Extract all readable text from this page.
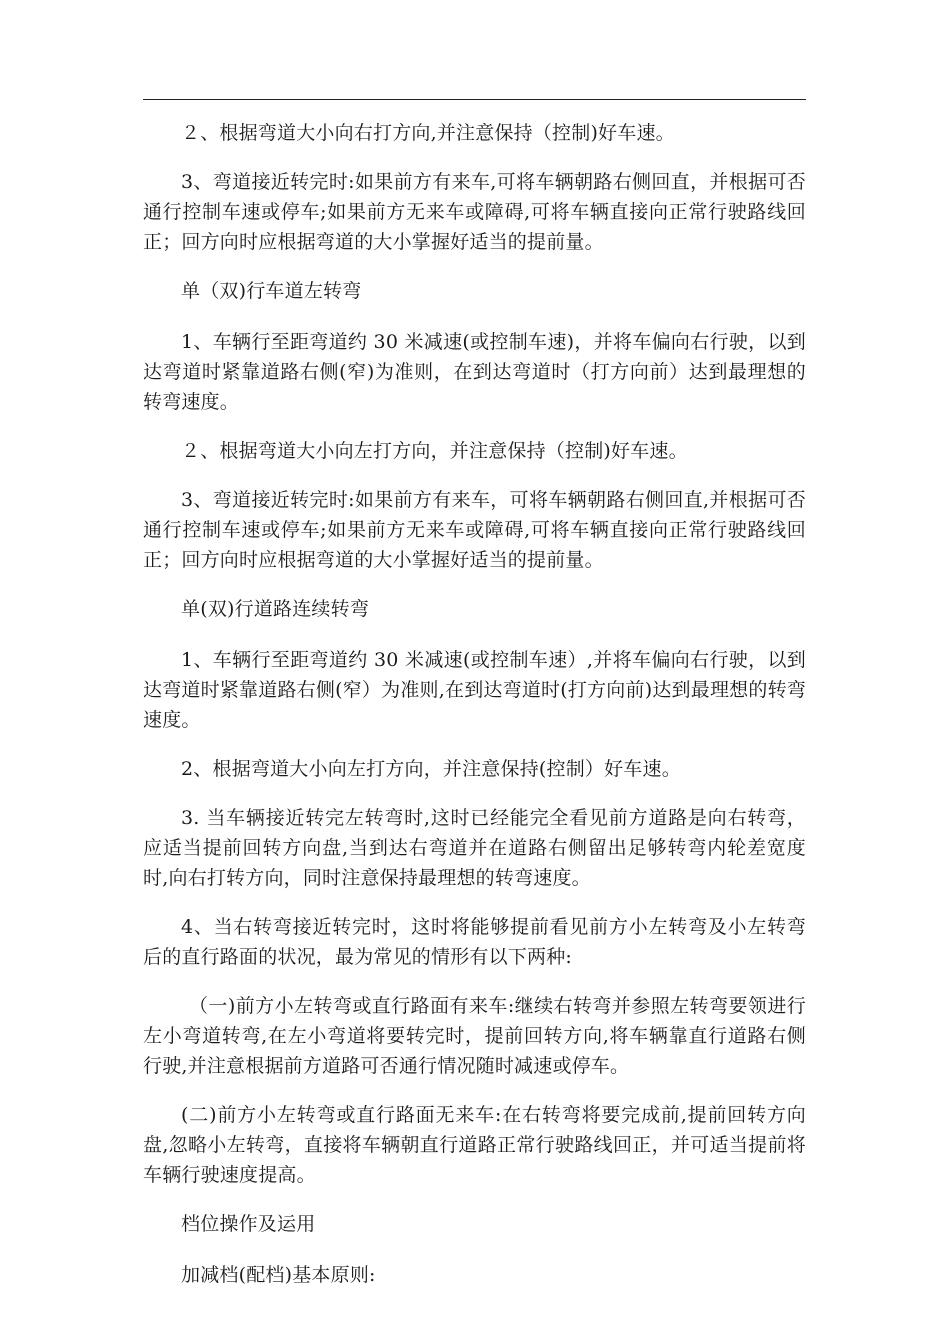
２、根据弯道大小向右打方向,并注意保持（控制)好车速。

3、弯道接近转完时:如果前方有来车,可将车辆朝路右侧回直，并根据可否通行控制车速或停车;如果前方无来车或障碍,可将车辆直接向正常行驶路线回正；回方向时应根据弯道的大小掌握好适当的提前量。

单（双)行车道左转弯

1、车辆行至距弯道约 30 米减速(或控制车速)，并将车偏向右行驶，以到达弯道时紧靠道路右侧(窄)为准则，在到达弯道时（打方向前）达到最理想的转弯速度。

２、根据弯道大小向左打方向，并注意保持（控制)好车速。

3、弯道接近转完时:如果前方有来车，可将车辆朝路右侧回直,并根据可否通行控制车速或停车;如果前方无来车或障碍,可将车辆直接向正常行驶路线回正；回方向时应根据弯道的大小掌握好适当的提前量。

单(双)行道路连续转弯

1、车辆行至距弯道约 30 米减速(或控制车速）,并将车偏向右行驶，以到达弯道时紧靠道路右侧(窄）为准则,在到达弯道时(打方向前)达到最理想的转弯速度。

2、根据弯道大小向左打方向，并注意保持(控制）好车速。

3. 当车辆接近转完左转弯时,这时已经能完全看见前方道路是向右转弯，应适当提前回转方向盘,当到达右弯道并在道路右侧留出足够转弯内轮差宽度时,向右打转方向，同时注意保持最理想的转弯速度。

4、当右转弯接近转完时，这时将能够提前看见前方小左转弯及小左转弯后的直行路面的状况，最为常见的情形有以下两种:

（一)前方小左转弯或直行路面有来车:继续右转弯并参照左转弯要领进行左小弯道转弯,在左小弯道将要转完时，提前回转方向,将车辆靠直行道路右侧行驶,并注意根据前方道路可否通行情况随时减速或停车。

(二)前方小左转弯或直行路面无来车:在右转弯将要完成前,提前回转方向盘,忽略小左转弯，直接将车辆朝直行道路正常行驶路线回正，并可适当提前将车辆行驶速度提高。

档位操作及运用

加减档(配档)基本原则:
